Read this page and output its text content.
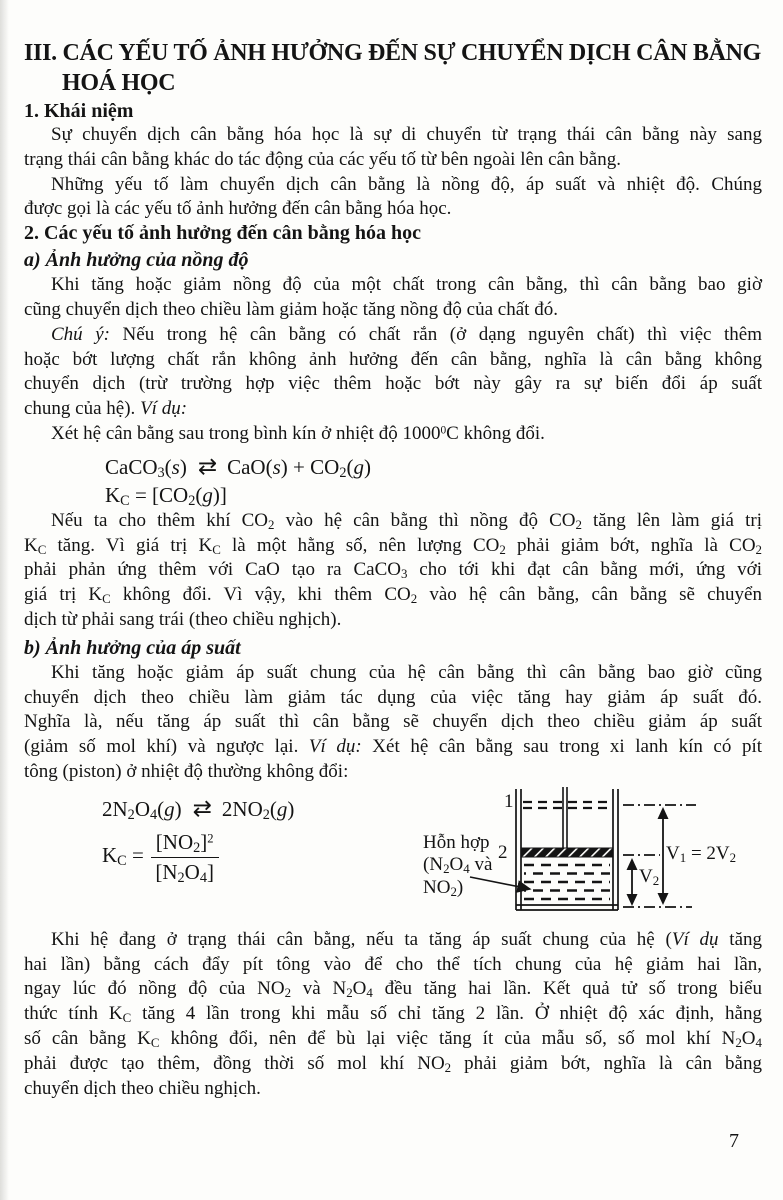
III. CÁC YẾU TỐ ẢNH HƯỞNG ĐẾN SỰ CHUYỂN DỊCH CÂN BẰNG
HOÁ HỌC
1. Khái niệm
Sự chuyển dịch cân bằng hóa học là sự di chuyển từ trạng thái cân bằng này sang
trạng thái cân bằng khác do tác động của các yếu tố từ bên ngoài lên cân bằng.
Những yếu tố làm chuyển dịch cân bằng là nồng độ, áp suất và nhiệt độ. Chúng
được gọi là các yếu tố ảnh hưởng đến cân bằng hóa học.
2. Các yếu tố ảnh hưởng đến cân bằng hóa học
a) Ảnh hưởng của nồng độ
Khi tăng hoặc giảm nồng độ của một chất trong cân bằng, thì cân bằng bao giờ
cũng chuyển dịch theo chiều làm giảm hoặc tăng nồng độ của chất đó.
Chú ý: Nếu trong hệ cân bằng có chất rắn (ở dạng nguyên chất) thì việc thêm
hoặc bớt lượng chất rắn không ảnh hưởng đến cân bằng, nghĩa là cân bằng không
chuyển dịch (trừ trường hợp việc thêm hoặc bớt này gây ra sự biến đổi áp suất
chung của hệ). Ví dụ:
Xét hệ cân bằng sau trong bình kín ở nhiệt độ 1000$^0$C không đổi.
CaCO$_3$(s) ⇄ $CaO(s) + CO_2(g)$
$K_C = [CO_2(g)]$
Nếu ta cho thêm khí $CO_2$ vào hệ cân bằng thì nồng độ $CO_2$ tăng lên làm giá trị
$K_C$ tăng. Vì giá trị $K_C$ là một hằng số, nên lượng $CO_2$ phải giảm bớt, nghĩa là $CO_2$
phải phản ứng thêm với CaO tạo ra CaCO$_3$ cho tới khi đạt cân bằng mới, ứng với
giá trị $K_C$ không đổi. Vì vậy, khi thêm $CO_2$ vào hệ cân bằng, cân bằng sẽ chuyển
dịch từ phải sang trái (theo chiều nghịch).
b) Ảnh hưởng của áp suất
Khi tăng hoặc giảm áp suất chung của hệ cân bằng thì cân bằng bao giờ cũng
chuyển dịch theo chiều làm giảm tác dụng của việc tăng hay giảm áp suất đó.
Nghĩa là, nếu tăng áp suất thì cân bằng sẽ chuyển dịch theo chiều giảm áp suất
(giảm số mol khí) và ngược lại. Ví dụ: Xét hệ cân bằng sau trong xi lanh kín có pít
tông (piston) ở nhiệt độ thường không đổi:
$2N_2O_4(g)$ ⇄ $2NO_2(g)$
$K_C = \frac{[NO_2]^2}{[N_2O_4]}$	Hỗn hợp
($N_2O_4$ và
$NO_2$)
1
2
$V_2$
$V_1 = 2V_2$
Khi hệ đang ở trạng thái cân bằng, nếu ta tăng áp suất chung của hệ (Ví dụ tăng
hai lần) bằng cách đẩy pít tông vào để cho thể tích chung của hệ giảm hai lần,
ngay lúc đó nồng độ của $NO_2$ và $N_2O_4$ đều tăng hai lần. Kết quả tử số trong biểu
thức tính $K_C$ tăng 4 lần trong khi mẫu số chỉ tăng 2 lần. Ở nhiệt độ xác định, hằng
số cân bằng $K_C$ không đổi, nên để bù lại việc tăng ít của mẫu số, số mol khí $N_2O_4$
phải được tạo thêm, đồng thời số mol khí $NO_2$ phải giảm bớt, nghĩa là cân bằng
chuyển dịch theo chiều nghịch.
7
